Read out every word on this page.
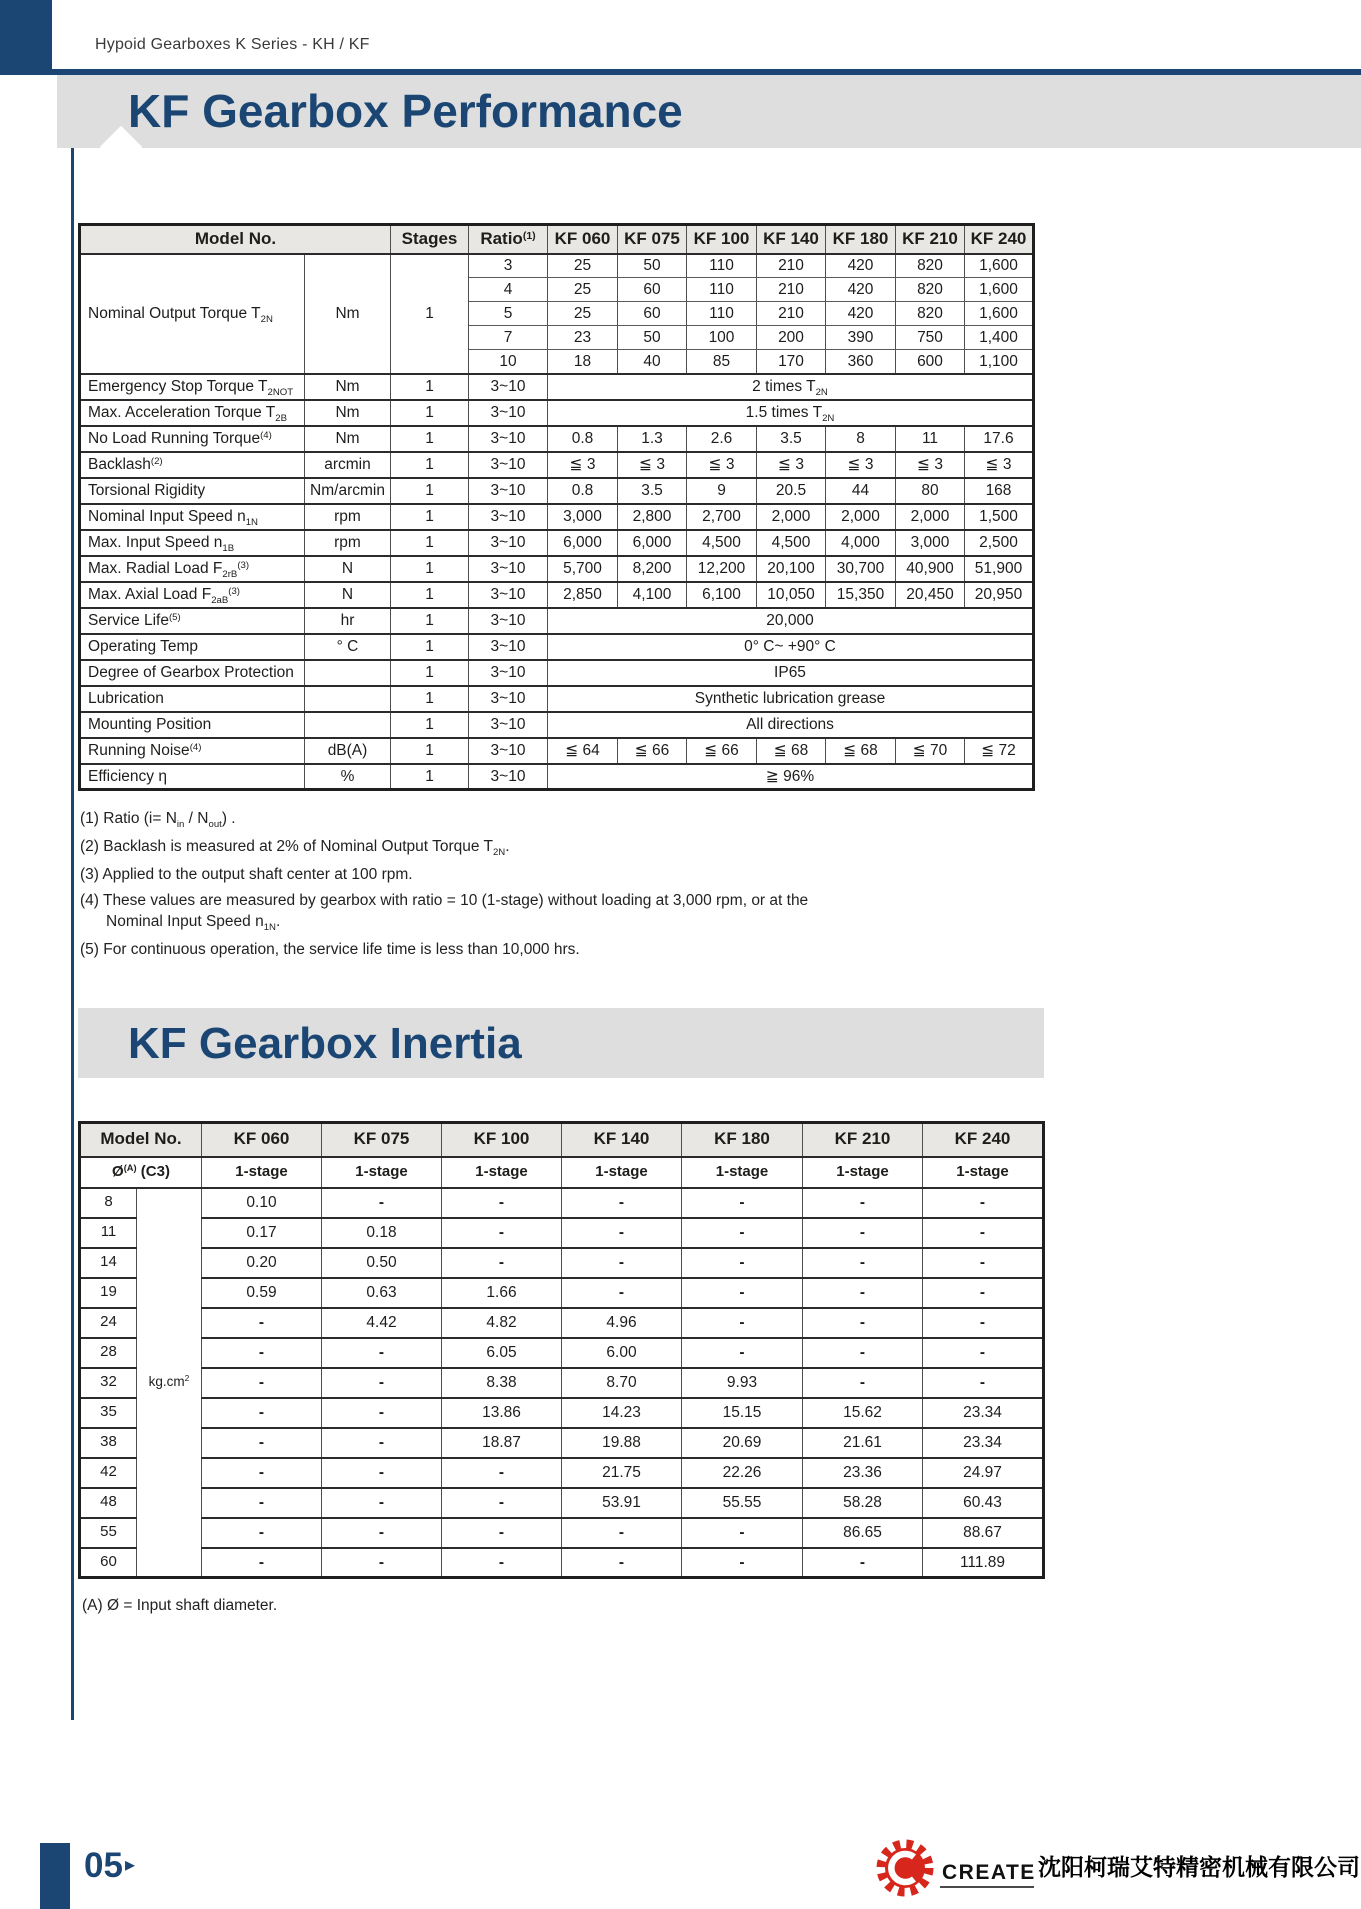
Hypoid Gearboxes K Series - KH / KF
KF Gearbox Performance
Model No.		Stages	Ratio$^{(1)}$	KF 060	KF 075	KF 100	KF 140	KF 180	KF 210	KF 240
Nominal Output Torque $T_{2N}$	Nm	1	3	25	50	110	210	420	820	1,600
			4	25	60	110	210	420	820	1,600
			5	25	60	110	210	420	820	1,600
			7	23	50	100	200	390	750	1,400
			10	18	40	85	170	360	600	1,100
Emergency Stop Torque $T_{2NOT}$	Nm	1	3~10	2 times $T_{2N}$
Max. Acceleration Torque $T_{2B}$	Nm	1	3~10	1.5 times $T_{2N}$
No Load Running Torque$^{(4)}$	Nm	1	3~10	0.8	1.3	2.6	3.5	8	11	17.6
Backlash$^{(2)}$	arcmin	1	3~10	≦ 3	≦ 3	≦ 3	≦ 3	≦ 3	≦ 3	≦ 3
Torsional Rigidity	Nm/arcmin	1	3~10	0.8	3.5	9	20.5	44	80	168
Nominal Input Speed $n_{1N}$	rpm	1	3~10	3,000	2,800	2,700	2,000	2,000	2,000	1,500
Max. Input Speed $n_{1B}$	rpm	1	3~10	6,000	6,000	4,500	4,500	4,000	3,000	2,500
Max. Radial Load $F_{2rB}^{(3)}$	N	1	3~10	5,700	8,200	12,200	20,100	30,700	40,900	51,900
Max. Axial Load $F_{2aB}^{(3)}$	N	1	3~10	2,850	4,100	6,100	10,050	15,350	20,450	20,950
Service Life$^{(5)}$	hr	1	3~10	20,000						
Operating Temp	° C	1	3~10	0° C~ +90° C						
Degree of Gearbox Protection		1	3~10	IP65						
Lubrication		1	3~10	Synthetic lubrication grease						
Mounting Position		1	3~10	All directions						
Running Noise$^{(4)}$	dB(A)	1	3~10	≦ 64	≦ 66	≦ 66	≦ 68	≦ 68	≦ 70	≦ 72
Efficiency η	%	1	3~10	≧ 96%						
(1) Ratio $(i= N_{in} / N_{out})$ .
(2) Backlash is measured at 2% of Nominal Output Torque $T_{2N}$.
(3) Applied to the output shaft center at 100 rpm.
(4) These values are measured by gearbox with ratio = 10 (1-stage) without loading at 3,000 rpm, or at the
Nominal Input Speed $n_{1N}$.
(5) For continuous operation, the service life time is less than 10,000 hrs.
KF Gearbox Inertia
Model No.		KF 060	KF 075	KF 100	KF 140	KF 180	KF 210	KF 240
$Ø^{(A)}$ (C3)		1-stage	1-stage	1-stage	1-stage	1-stage	1-stage	1-stage
8	$kg.cm^2$	0.10	-	-	-	-	-	-
11		0.17	0.18	-	-	-	-	-
14		0.20	0.50	-	-	-	-	-
19		0.59	0.63	1.66	-	-	-	-
24		-	4.42	4.82	4.96	-	-	-
28		-	-	6.05	6.00	-	-	-
32		-	-	8.38	8.70	9.93	-	-
35		-	-	13.86	14.23	15.15	15.62	23.34
38		-	-	18.87	19.88	20.69	21.61	23.34
42		-	-	-	21.75	22.26	23.36	24.97
48		-	-	-	53.91	55.55	58.28	60.43
55		-	-	-	-	-	86.65	88.67
60		-	-	-	-	-	-	111.89
(A) Ø = Input shaft diameter.
05 ▸	CREATE 沈阳柯瑞艾特精密机械有限公司
